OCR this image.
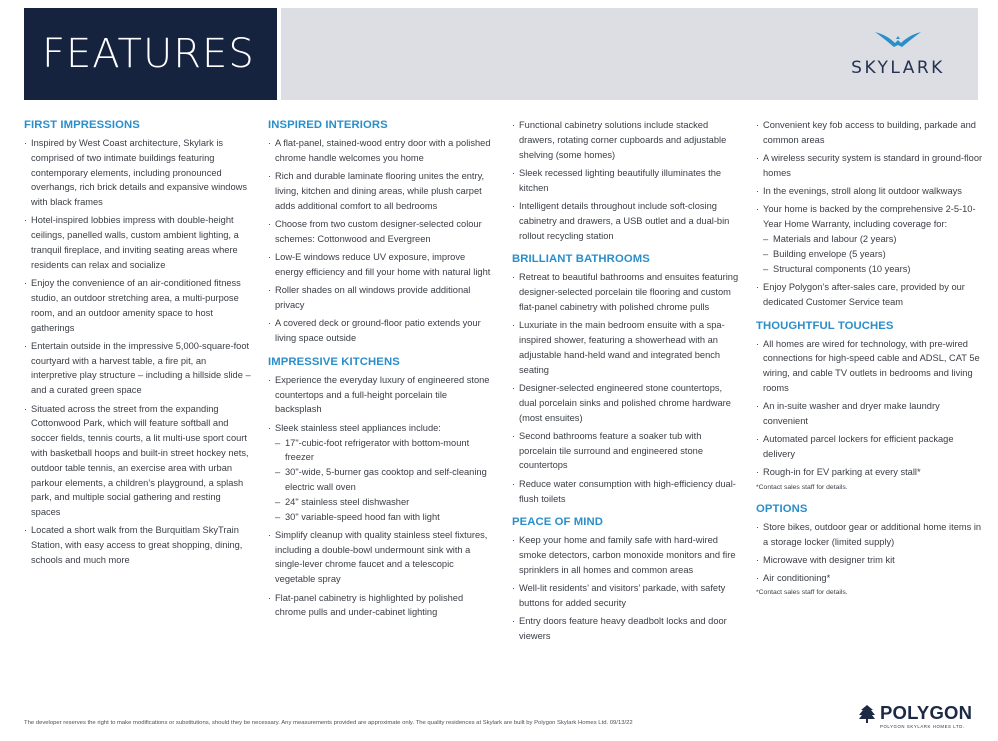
FEATURES	SKYLARK
FIRST IMPRESSIONS
· Inspired by West Coast architecture, Skylark is comprised of two intimate buildings featuring contemporary elements, including pronounced overhangs, rich brick details and expansive windows with black frames
· Hotel-inspired lobbies impress with double-height ceilings, panelled walls, custom ambient lighting, a tranquil fireplace, and inviting seating areas where residents can relax and socialize
· Enjoy the convenience of an air-conditioned fitness studio, an outdoor stretching area, a multi-purpose room, and an outdoor amenity space to host gatherings
· Entertain outside in the impressive 5,000-square-foot courtyard with a harvest table, a fire pit, an interpretive play structure – including a hillside slide – and a curated green space
· Situated across the street from the expanding Cottonwood Park, which will feature softball and soccer fields, tennis courts, a lit multi-use sport court with basketball hoops and built-in street hockey nets, outdoor table tennis, an exercise area with urban parkour elements, a children’s playground, a splash park, and multiple social gathering and resting spaces
· Located a short walk from the Burquitlam SkyTrain Station, with easy access to great shopping, dining, schools and much more
INSPIRED INTERIORS
· A flat-panel, stained-wood entry door with a polished chrome handle welcomes you home
· Rich and durable laminate flooring unites the entry, living, kitchen and dining areas, while plush carpet adds additional comfort to all bedrooms
· Choose from two custom designer-selected colour schemes: Cottonwood and Evergreen
· Low-E windows reduce UV exposure, improve energy efficiency and fill your home with natural light
· Roller shades on all windows provide additional privacy
· A covered deck or ground-floor patio extends your living space outside
IMPRESSIVE KITCHENS
· Experience the everyday luxury of engineered stone countertops and a full-height porcelain tile backsplash
· Sleek stainless steel appliances include:
– 17"-cubic-foot refrigerator with bottom-mount freezer
– 30"-wide, 5-burner gas cooktop and self-cleaning electric wall oven
– 24" stainless steel dishwasher
– 30" variable-speed hood fan with light
· Simplify cleanup with quality stainless steel fixtures, including a double-bowl undermount sink with a single-lever chrome faucet and a telescopic vegetable spray
· Flat-panel cabinetry is highlighted by polished chrome pulls and under-cabinet lighting
· Functional cabinetry solutions include stacked drawers, rotating corner cupboards and adjustable shelving (some homes)
· Sleek recessed lighting beautifully illuminates the kitchen
· Intelligent details throughout include soft-closing cabinetry and drawers, a USB outlet and a dual-bin rollout recycling station
BRILLIANT BATHROOMS
· Retreat to beautiful bathrooms and ensuites featuring designer-selected porcelain tile flooring and custom flat-panel cabinetry with polished chrome pulls
· Luxuriate in the main bedroom ensuite with a spa-inspired shower, featuring a showerhead with an adjustable hand-held wand and integrated bench seating
· Designer-selected engineered stone countertops, dual porcelain sinks and polished chrome hardware (most ensuites)
· Second bathrooms feature a soaker tub with porcelain tile surround and engineered stone countertops
· Reduce water consumption with high-efficiency dual-flush toilets
PEACE OF MIND
· Keep your home and family safe with hard-wired smoke detectors, carbon monoxide monitors and fire sprinklers in all homes and common areas
· Well-lit residents’ and visitors’ parkade, with safety buttons for added security
· Entry doors feature heavy deadbolt locks and door viewers
· Convenient key fob access to building, parkade and common areas
· A wireless security system is standard in ground-floor homes
· In the evenings, stroll along lit outdoor walkways
· Your home is backed by the comprehensive 2-5-10-Year Home Warranty, including coverage for:
– Materials and labour (2 years)
– Building envelope (5 years)
– Structural components (10 years)
· Enjoy Polygon’s after-sales care, provided by our dedicated Customer Service team
THOUGHTFUL TOUCHES
· All homes are wired for technology, with pre-wired connections for high-speed cable and ADSL, CAT 5e wiring, and cable TV outlets in bedrooms and living rooms
· An in-suite washer and dryer make laundry convenient
· Automated parcel lockers for efficient package delivery
· Rough-in for EV parking at every stall*
*Contact sales staff for details.
OPTIONS
· Store bikes, outdoor gear or additional home items in a storage locker (limited supply)
· Microwave with designer trim kit
· Air conditioning*
*Contact sales staff for details.
The developer reserves the right to make modifications or substitutions, should they be necessary. Any measurements provided are approximate only. The quality residences at Skylark are built by Polygon Skylark Homes Ltd. 09/13/22	POLYGON
POLYGON SKYLARK HOMES LTD.
